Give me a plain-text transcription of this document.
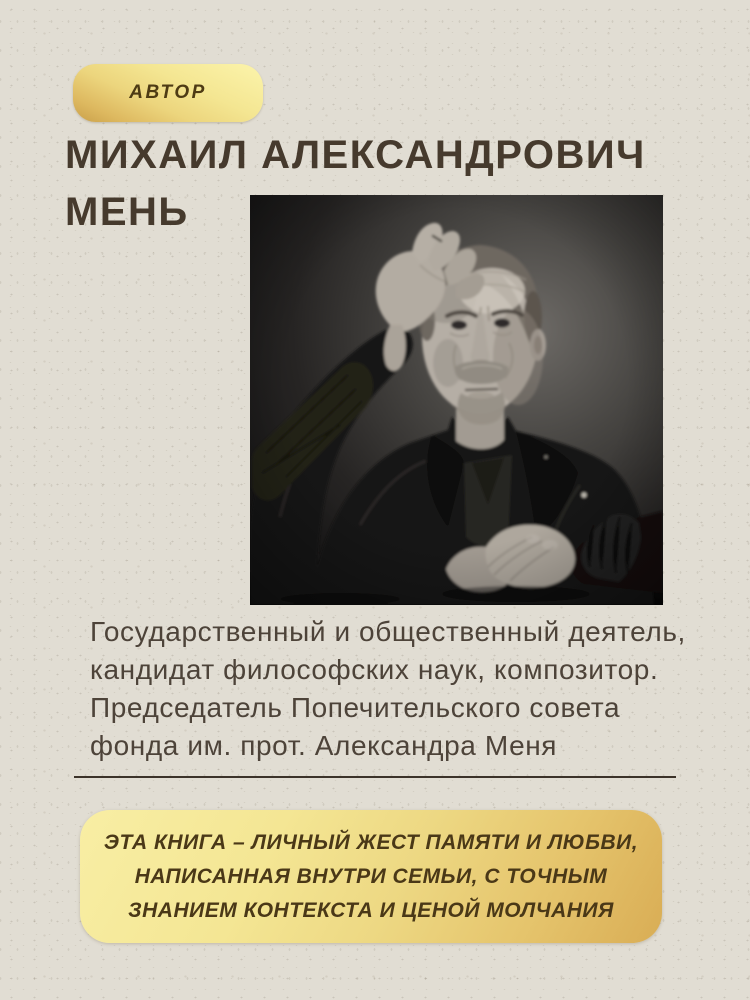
АВТОР
МИХАИЛ АЛЕКСАНДРОВИЧ
МЕНЬ

Государственный и общественный деятель,
кандидат философских наук, композитор.
Председатель Попечительского совета
фонда им. прот. Александра Меня

ЭТА КНИГА – ЛИЧНЫЙ ЖЕСТ ПАМЯТИ И ЛЮБВИ,
НАПИСАННАЯ ВНУТРИ СЕМЬИ, С ТОЧНЫМ
ЗНАНИЕМ КОНТЕКСТА И ЦЕНОЙ МОЛЧАНИЯ
